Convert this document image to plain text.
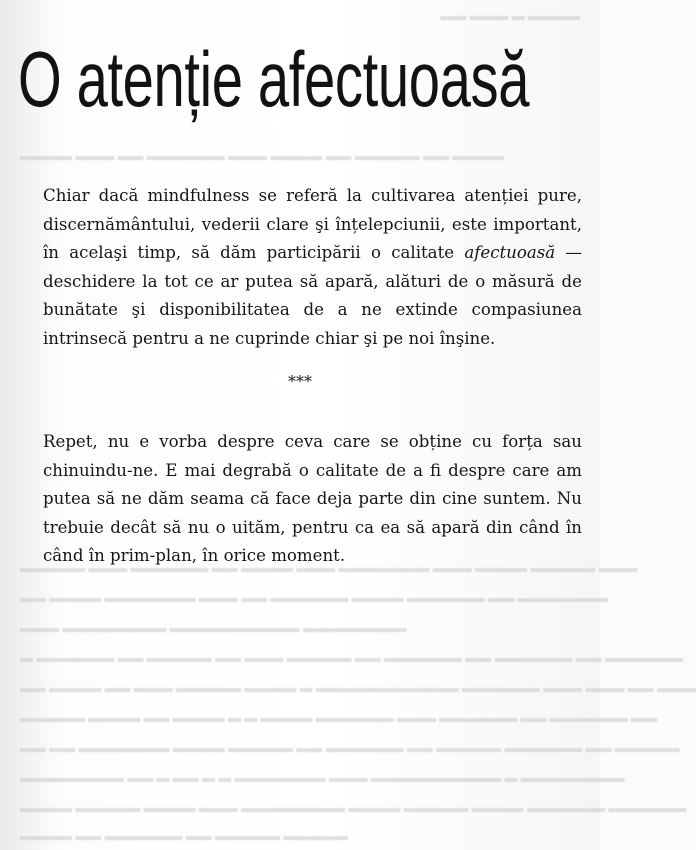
▬▬ ▬▬▬ ▬ ▬▬▬▬
▬▬▬▬ ▬▬▬ ▬▬ ▬▬▬▬▬▬ ▬▬▬ ▬▬▬▬ ▬▬ ▬▬▬▬▬ ▬▬ ▬▬▬▬
▬▬▬▬▬ ▬▬▬ ▬▬▬▬▬▬ ▬▬ ▬▬▬▬ ▬▬▬ ▬▬▬▬▬▬▬ ▬▬▬ ▬▬▬▬ ▬▬▬▬▬ ▬▬▬
▬▬ ▬▬▬▬ ▬▬▬▬▬▬▬ ▬▬▬ ▬▬ ▬▬▬▬▬▬ ▬▬▬▬ ▬▬▬▬▬▬ ▬▬ ▬▬▬▬▬▬▬
▬▬▬ ▬▬▬▬▬▬▬▬ ▬▬▬▬▬▬▬▬▬▬ ▬▬▬▬▬▬▬▬
▬ ▬▬▬▬▬▬ ▬▬ ▬▬▬▬▬ ▬▬ ▬▬▬ ▬▬▬▬▬ ▬▬ ▬▬▬▬▬▬ ▬▬ ▬▬▬▬▬▬ ▬▬ ▬▬▬▬▬▬
▬▬ ▬▬▬▬ ▬▬ ▬▬▬ ▬▬▬▬▬ ▬▬▬▬ ▬ ▬▬▬▬▬▬▬▬▬▬▬ ▬▬▬▬▬▬ ▬▬▬ ▬▬▬ ▬▬ ▬▬▬
▬▬▬▬▬ ▬▬▬▬ ▬▬ ▬▬▬▬ ▬ ▬ ▬▬▬▬ ▬▬▬▬▬▬ ▬▬▬ ▬▬▬▬▬▬ ▬▬ ▬▬▬▬▬▬ ▬▬
▬▬ ▬▬ ▬▬▬▬▬▬▬ ▬▬▬▬ ▬▬▬▬▬ ▬▬ ▬▬▬▬▬▬ ▬▬ ▬▬▬▬▬ ▬▬▬▬▬▬ ▬▬ ▬▬▬▬▬
▬▬▬▬▬▬▬▬ ▬▬ ▬ ▬▬ ▬ ▬ ▬▬▬▬▬▬▬ ▬▬▬ ▬▬▬▬▬▬▬▬▬▬ ▬ ▬▬▬▬▬▬▬▬
▬▬▬▬ ▬▬▬▬▬ ▬▬▬▬ ▬▬▬ ▬▬▬▬▬▬▬▬ ▬▬▬▬ ▬▬▬▬▬ ▬▬▬▬ ▬▬▬▬▬▬ ▬▬▬▬▬▬
▬▬▬▬ ▬▬ ▬▬▬▬▬▬ ▬▬ ▬▬▬▬▬ ▬▬▬▬▬
O atenție afectuoasă

Chiar dacă mindfulness se referă la cultivarea atenției pure, discernământului, vederii clare şi înțelepciunii, este important, în acelaşi timp, să dăm participării o calitate afectuoasă — deschidere la tot ce ar putea să apară, alături de o măsură de bunătate şi disponibilitatea de a ne extinde compasiunea intrinsecă pentru a ne cuprinde chiar şi pe noi înşine.

***

Repet, nu e vorba despre ceva care se obține cu forța sau chinuindu-ne. E mai degrabă o calitate de a fi despre care am putea să ne dăm seama că face deja parte din cine suntem. Nu trebuie decât să nu o uităm, pentru ca ea să apară din când în când în prim-plan, în orice moment.
